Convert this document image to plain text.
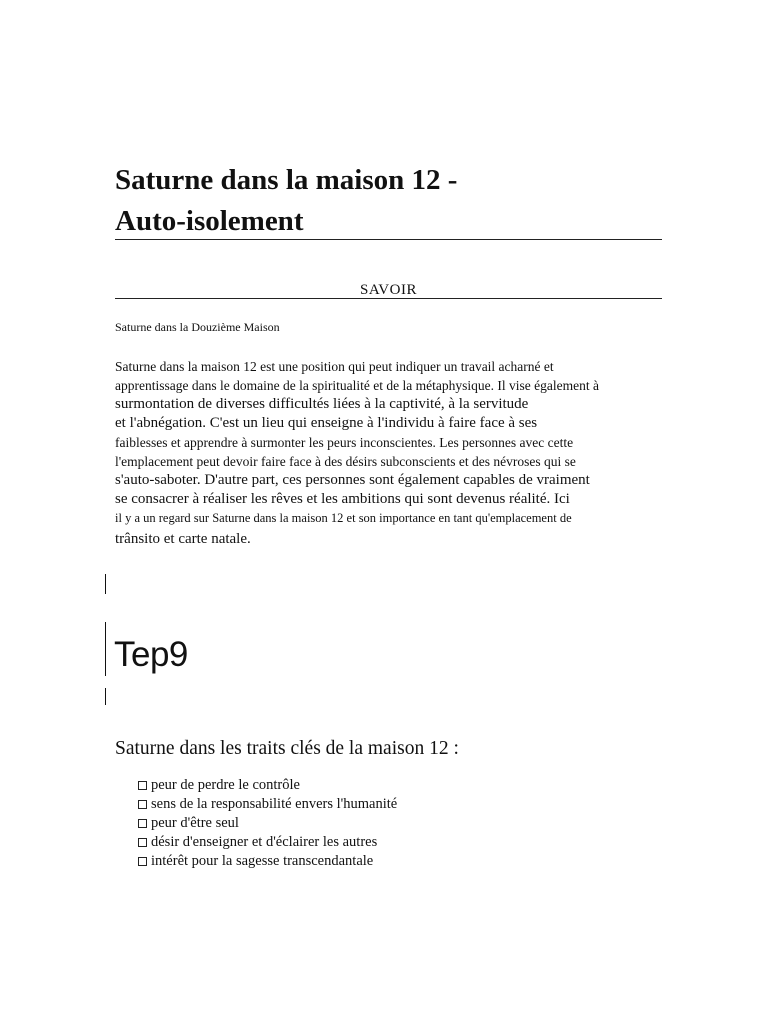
Saturne dans la maison 12 -
Auto-isolement
SAVOIR
Saturne dans la Douzième Maison
Saturne dans la maison 12 est une position qui peut indiquer un travail acharné et
apprentissage dans le domaine de la spiritualité et de la métaphysique. Il vise également à
surmontation de diverses difficultés liées à la captivité, à la servitude
et l'abnégation. C'est un lieu qui enseigne à l'individu à faire face à ses
faiblesses et apprendre à surmonter les peurs inconscientes. Les personnes avec cette
l'emplacement peut devoir faire face à des désirs subconscients et des névroses qui se
s'auto-saboter. D'autre part, ces personnes sont également capables de vraiment
se consacrer à réaliser les rêves et les ambitions qui sont devenus réalité. Ici
il y a un regard sur Saturne dans la maison 12 et son importance en tant qu'emplacement de
trânsito et carte natale.
Tep9
Saturne dans les traits clés de la maison 12 :
peur de perdre le contrôle
sens de la responsabilité envers l'humanité
peur d'être seul
désir d'enseigner et d'éclairer les autres
intérêt pour la sagesse transcendantale
